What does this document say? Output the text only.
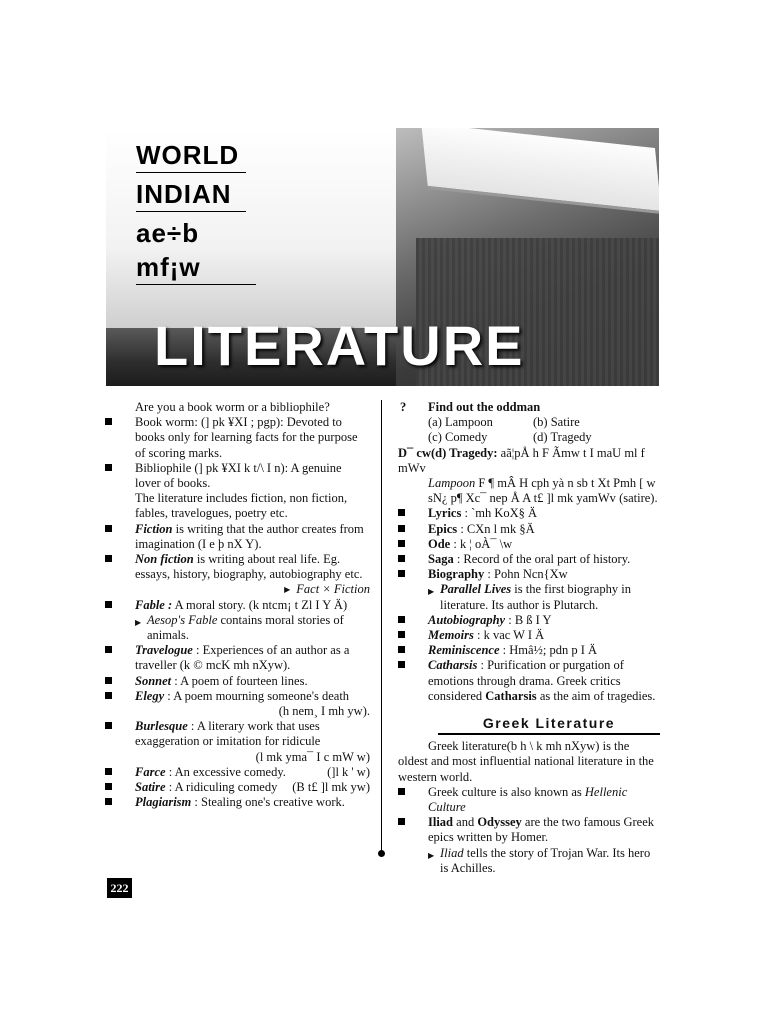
WORLD
INDIAN
ae÷b mf¡w
LITERATURE
Are you a book worm or a bibliophile?
Book worm: (] pk ¥XI ; pgp): Devoted to books only for learning facts for the purpose of scoring marks.
Bibliophile (] pk ¥XI k t/\ I n): A genuine lover of books.
The literature includes fiction, non fiction, fables, travelogues, poetry etc.
Fiction is writing that the author creates from imagination (I e þ nX Y).
Non fiction is writing about real life. Eg. essays, history, biography, autobiography etc.
▶ Fact × Fiction
Fable : A moral story. (k ntcm¡ t Zl I Y Ä)
▶ Aesop's Fable contains moral stories of animals.
Travelogue : Experiences of an author as a traveller (k © mcK mh nXyw).
Sonnet : A poem of fourteen lines.
Elegy : A poem mourning someone's death
(h nem¸ I mh yw).
Burlesque : A literary work that uses exaggeration or imitation for ridicule
(l mk yma¯ I c mW w)
Farce : An excessive comedy.	(]l k ' w)
Satire : A ridiculing comedy (B t£ ]l mk yw)
Plagiarism : Stealing one's creative work.
? Find out the oddman
(a) Lampoon	(b) Satire
(c) Comedy	(d) Tragedy
D¯ cw(d) Tragedy: aã¦pÅ h F Ãmw t I maU ml f mWv
Lampoon F ¶ mÂ H cph yà n sb t Xt Pmh [ w sN¿ p¶ Xc¯ nep Å A t£ ]l mk yamWv (satire).
Lyrics : `mh KoX§ Ä
Epics : CXn l mk §Ä
Ode : k ¦ oÀ¯ \w
Saga : Record of the oral part of history.
Biography : Pohn Ncn{Xw
▶ Parallel Lives is the first biography in literature. Its author is Plutarch.
Autobiography : B ß I Y
Memoirs : k vac W I Ä
Reminiscence : Hmâ½; pdn p I Ä
Catharsis : Purification or purgation of emotions through drama. Greek critics considered Catharsis as the aim of tragedies.
Greek Literature
Greek literature(b h \ k mh nXyw) is the oldest and most influential national literature in the western world.
Greek culture is also known as Hellenic Culture
Iliad and Odyssey are the two famous Greek epics written by Homer.
▶ Iliad tells the story of Trojan War. Its hero is Achilles.
222
